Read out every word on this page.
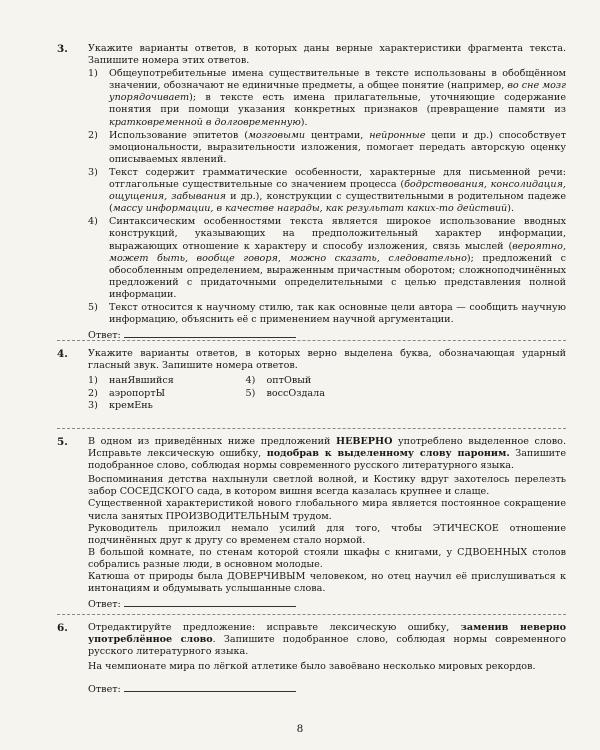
3. Укажите варианты ответов, в которых даны верные характеристики фрагмента текста. Запишите номера этих ответов.

1) Общеупотребительные имена существительные в тексте использованы в обобщённом значении, обозначают не единичные предметы, а общее понятие (например, во сне мозг упорядочивает); в тексте есть имена прилагательные, уточняющие содержание понятия при помощи указания конкретных признаков (превращение памяти из кратковременной в долговременную).
2) Использование эпитетов (мозговыми центрами, нейронные цепи и др.) способствует эмоциональности, выразительности изложения, помогает передать авторскую оценку описываемых явлений.
3) Текст содержит грамматические особенности, характерные для письменной речи: отглагольные существительные со значением процесса (бодрствования, консолидация, ощущения, забывания и др.), конструкции с существительными в родительном падеже (массу информации, в качестве награды, как результат каких-то действий).
4) Синтаксическим особенностями текста является широкое использование вводных конструкций, указывающих на предположительный характер информации, выражающих отношение к характеру и способу изложения, связь мыслей (вероятно, может быть, вообще говоря, можно сказать, следовательно); предложений с обособленным определением, выраженным причастным оборотом; сложноподчинённых предложений с придаточными определительными с целью представления полной информации.
5) Текст относится к научному стилю, так как основные цели автора — сообщить научную информацию, объяснить её с применением научной аргументации.
Ответ:
4. Укажите варианты ответов, в которых верно выделена буква, обозначающая ударный гласный звук. Запишите номера ответов.

1) нанЯвшийся	4) оптОвый
2) аэропортЫ	5) воссОздала
3) кремЕнь
5. В одном из приведённых ниже предложений НЕВЕРНО употреблено выделенное слово. Исправьте лексическую ошибку, подобрав к выделенному слову пароним. Запишите подобранное слово, соблюдая нормы современного русского литературного языка.

Воспоминания детства нахлынули светлой волной, и Костику вдруг захотелось перелезть забор СОСЕДСКОГО сада, в котором вишня всегда казалась крупнее и слаще.

Существенной характеристикой нового глобального мира является постоянное сокращение числа занятых ПРОИЗВОДИТЕЛЬНЫМ трудом.

Руководитель приложил немало усилий для того, чтобы ЭТИЧЕСКОЕ отношение подчинённых друг к другу со временем стало нормой.

В большой комнате, по стенам которой стояли шкафы с книгами, у СДВОЕННЫХ столов собрались разные люди, в основном молодые.

Катюша от природы была ДОВЕРЧИВЫМ человеком, но отец научил её прислушиваться к интонациям и обдумывать услышанные слова.

Ответ:
6. Отредактируйте предложение: исправьте лексическую ошибку, заменив неверно употреблённое слово. Запишите подобранное слово, соблюдая нормы современного русского литературного языка.

На чемпионате мира по лёгкой атлетике было завоёвано несколько мировых рекордов.

Ответ:
8
